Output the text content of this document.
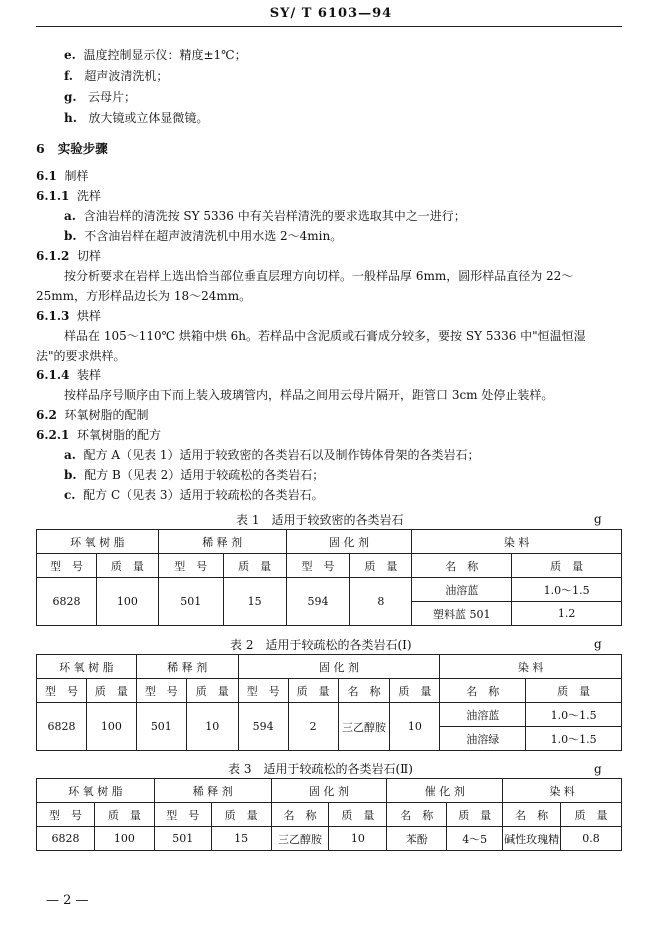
SY/ T 6103—94
e. 温度控制显示仪：精度±1℃；
f. 超声波清洗机；
g. 云母片；
h. 放大镜或立体显微镜。
6 实验步骤
6.1 制样
6.1.1 洗样
a. 含油岩样的清洗按 SY 5336 中有关岩样清洗的要求选取其中之一进行；
b. 不含油岩样在超声波清洗机中用水选 2～4min。
6.1.2 切样
按分析要求在岩样上选出恰当部位垂直层理方向切样。一般样品厚 6mm，圆形样品直径为 22～
25mm，方形样品边长为 18～24mm。
6.1.3 烘样
样品在 105～110℃ 烘箱中烘 6h。若样品中含泥质或石膏成分较多，要按 SY 5336 中"恒温恒湿
法"的要求烘样。
6.1.4 装样
按样品序号顺序由下而上装入玻璃管内，样品之间用云母片隔开，距管口 3cm 处停止装样。
6.2 环氧树脂的配制
6.2.1 环氧树脂的配方
a. 配方 A（见表 1）适用于较致密的各类岩石以及制作铸体骨架的各类岩石；
b. 配方 B（见表 2）适用于较疏松的各类岩石；
c. 配方 C（见表 3）适用于较疏松的各类岩石。
表 1　适用于较致密的各类岩石	g
环 氧 树 脂		稀 释 剂		固 化 剂		染 料	
型　号	质　量	型　号	质　量	型　号	质　量	名　称	质　量
6828	100	501	15	594	8	油溶蓝	1.0～1.5
						塑料蓝 501	1.2
表 2　适用于较疏松的各类岩石(Ⅰ)	g
环 氧 树 脂		稀 释 剂		固 化 剂				染 料	
型　号	质　量	型　号	质　量	型　号	质　量	名　称	质　量	名　称	质　量
6828	100	501	10	594	2	三乙醇胺	10	油溶蓝	1.0～1.5
								油溶绿	1.0～1.5
表 3　适用于较疏松的各类岩石(Ⅱ)	g
环 氧 树 脂		稀 释 剂		固 化 剂		催 化 剂		染 料	
型　号	质　量	型　号	质　量	名　称	质　量	名　称	质　量	名　称	质　量
6828	100	501	15	三乙醇胺	10	苯酚	4～5	碱性玫瑰精	0.8
— 2 —
